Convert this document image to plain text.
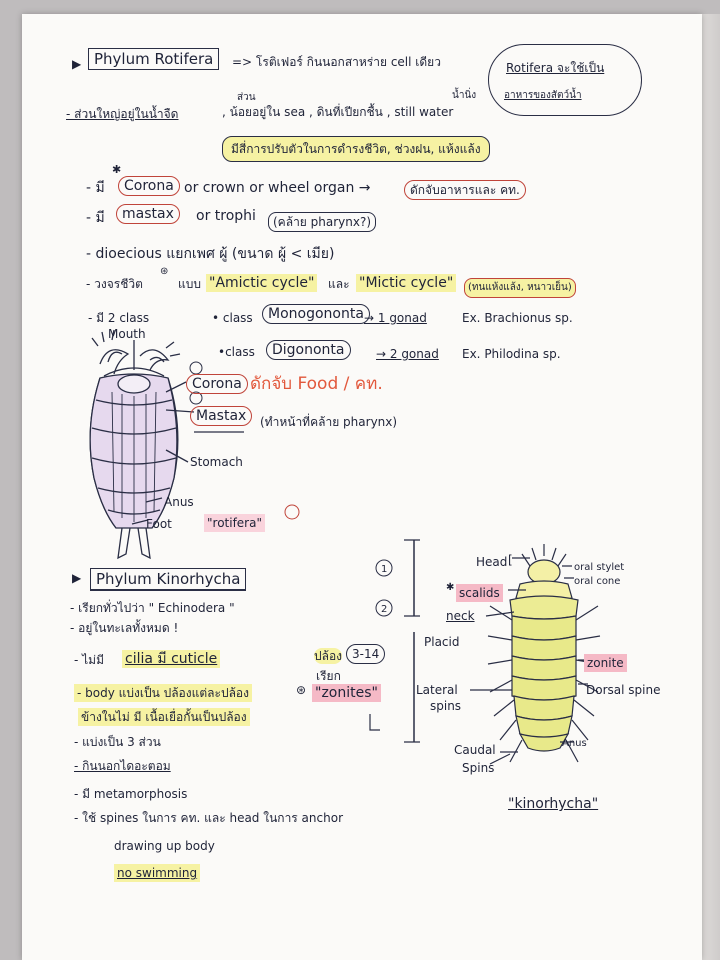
▶ Phylum Rotifera	=> โรติเฟอร์ กินนอกสาหร่าย cell เดียว	Rotifera จะใช้เป็น
อาหารของสัตว์น้ำ
- ส่วนใหญ่อยู่ในน้ำจืด
ส่วน
, น้อยอยู่ใน sea , ดินที่เปียกชื้น , still water
น้ำนิ่ง
มีสี่การปรับตัวในการดำรงชีวิต, ช่วงฝน, แห้งแล้ง
- มี
✱
Corona or crown or wheel organ →	ดักจับอาหารและ คท.
- มี	mastax	or trophi	(คล้าย pharynx?)
- dioecious แยกเพศ ผู้ (ขนาด ผู้ < เมีย)
- วงจรชีวิต
⊛
แบบ "Amictic cycle" และ "Mictic cycle"	(ทนแห้งแล้ง, หนาวเย็น)
- มี 2 class	• class	Monogononta → 1 gonad	Ex. Brachionus sp.
•class	Digononta	→ 2 gonad Ex. Philodina sp.
Mouth
Corona ดักจับ Food / คท.
Mastax	(ทำหน้าที่คล้าย pharynx)
Stomach
Anus
Foot	"rotifera"
▶ Phylum Kinorhycha
- เรียกทั่วไปว่า " Echinodera "
- อยู่ในทะเลทั้งหมด !
- ไม่มี cilia มี cuticle
- body แบ่งเป็น ปล้องแต่ละปล้อง
ข้างในไม่ มี เนื้อเยื่อกั้นเป็นปล้อง
- แบ่งเป็น 3 ส่วน
- กินนอกไดอะตอม
- มี metamorphosis
- ใช้ spines ในการ คท. และ head ในการ anchor
drawing up body
no swimming
ปล้อง 3-14
เรียก
⊛ "zonites"
1
2
Head [
oral stylet
oral cone
✱ scalids
neck
Placid
zonite
Lateral
spins
Dorsal spine
Anus
Caudal
Spins
"kinorhycha"
